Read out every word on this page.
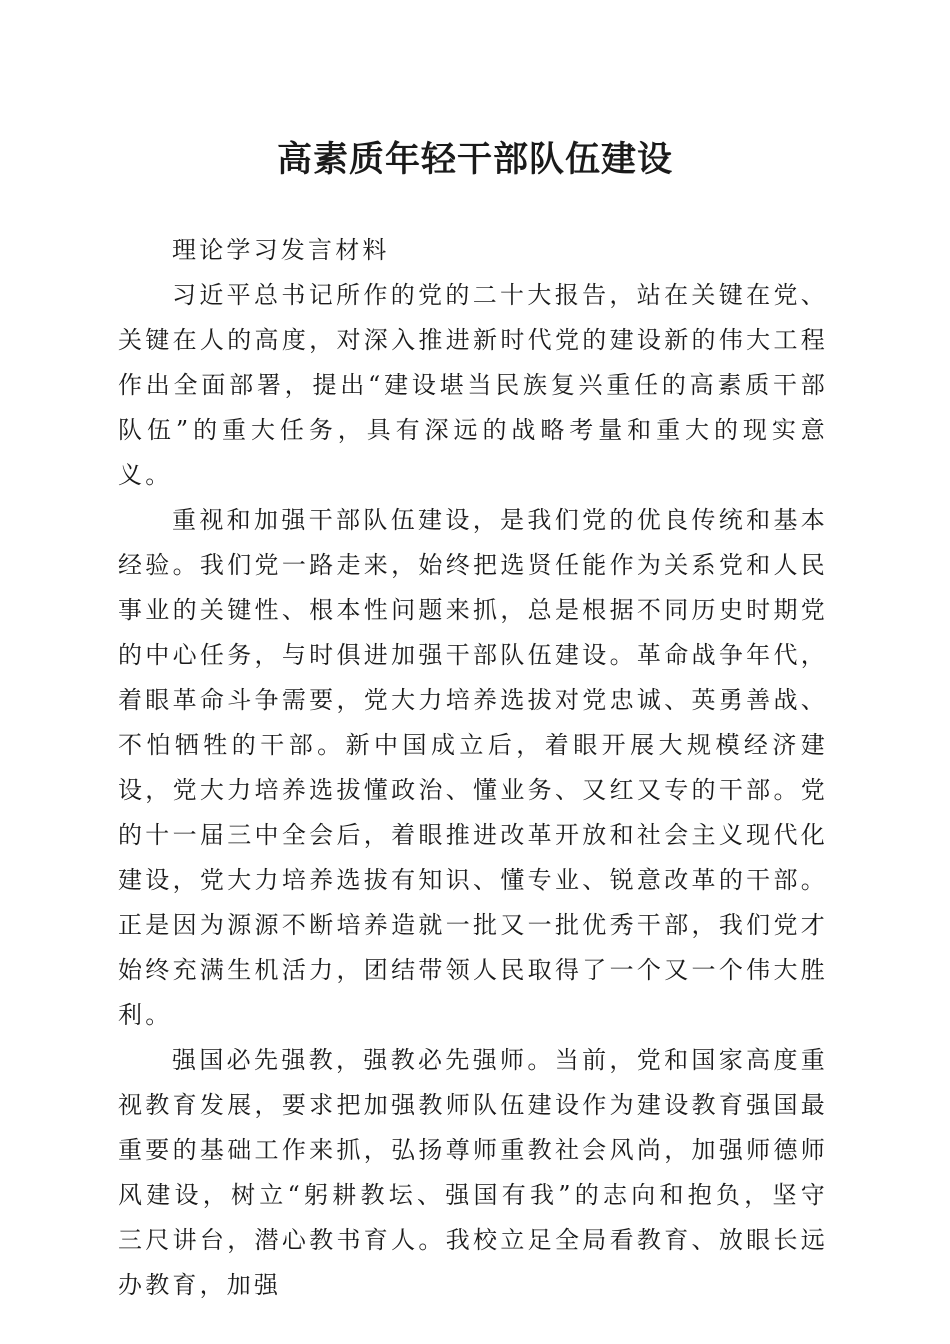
高素质年轻干部队伍建设

理论学习发言材料

习近平总书记所作的党的二十大报告，站在关键在党、关键在人的高度，对深入推进新时代党的建设新的伟大工程作出全面部署，提出“建设堪当民族复兴重任的高素质干部队伍”的重大任务，具有深远的战略考量和重大的现实意义。

重视和加强干部队伍建设，是我们党的优良传统和基本经验。我们党一路走来，始终把选贤任能作为关系党和人民事业的关键性、根本性问题来抓，总是根据不同历史时期党的中心任务，与时俱进加强干部队伍建设。革命战争年代，着眼革命斗争需要，党大力培养选拔对党忠诚、英勇善战、不怕牺牲的干部。新中国成立后，着眼开展大规模经济建设，党大力培养选拔懂政治、懂业务、又红又专的干部。党的十一届三中全会后，着眼推进改革开放和社会主义现代化建设，党大力培养选拔有知识、懂专业、锐意改革的干部。正是因为源源不断培养造就一批又一批优秀干部，我们党才始终充满生机活力，团结带领人民取得了一个又一个伟大胜利。

强国必先强教，强教必先强师。当前，党和国家高度重视教育发展，要求把加强教师队伍建设作为建设教育强国最重要的基础工作来抓，弘扬尊师重教社会风尚，加强师德师风建设，树立“躬耕教坛、强国有我”的志向和抱负，坚守三尺讲台，潜心教书育人。我校立足全局看教育、放眼长远办教育，加强
